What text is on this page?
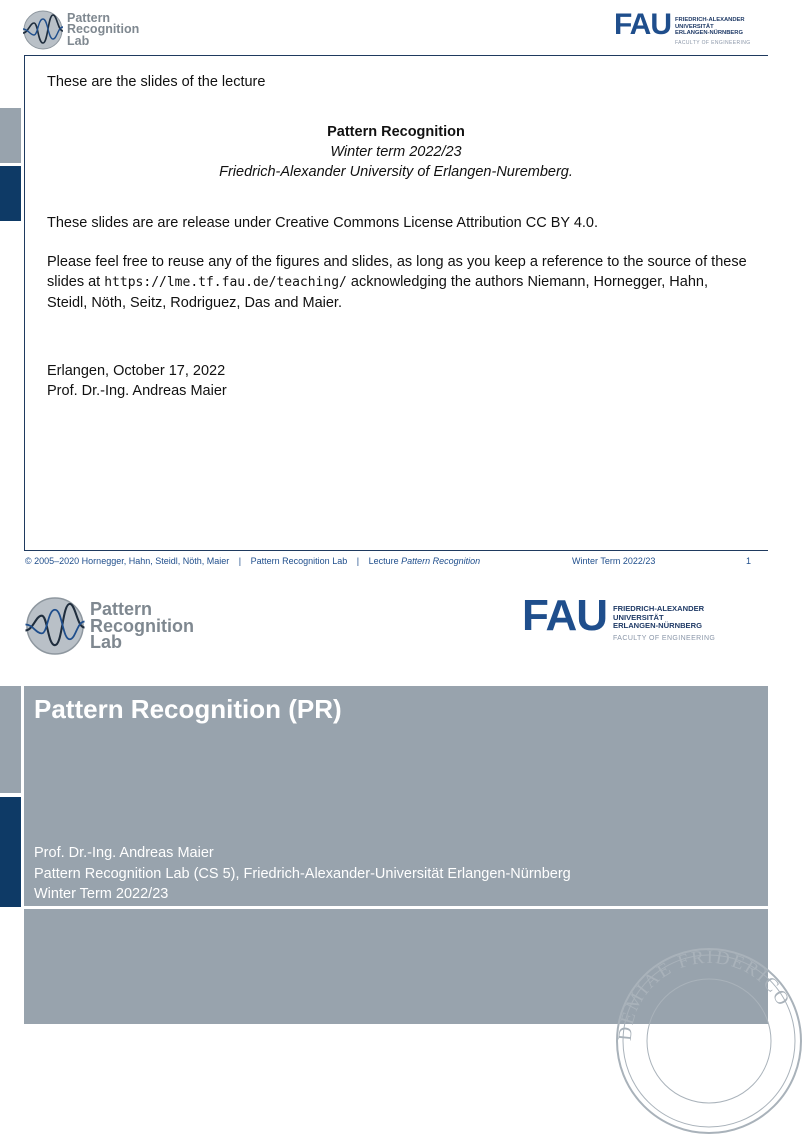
Pattern
Recognition
Lab	FAU FRIEDRICH-ALEXANDER
UNIVERSITÄT
ERLANGEN-NÜRNBERG
FACULTY OF ENGINEERING
These are the slides of the lecture
Pattern Recognition
Winter term 2022/23
Friedrich-Alexander University of Erlangen-Nuremberg.
These slides are are release under Creative Commons License Attribution CC BY 4.0.
Please feel free to reuse any of the figures and slides, as long as you keep a reference to the source of these slides at https://lme.tf.fau.de/teaching/ acknowledging the authors Niemann, Hornegger, Hahn, Steidl, Nöth, Seitz, Rodriguez, Das and Maier.
Erlangen, October 17, 2022
Prof. Dr.-Ing. Andreas Maier
© 2005–2020 Hornegger, Hahn, Steidl, Nöth, Maier | Pattern Recognition Lab | Lecture Pattern Recognition	Winter Term 2022/23	1
Pattern
Recognition
Lab
FAU FRIEDRICH-ALEXANDER
UNIVERSITÄT
ERLANGEN-NÜRNBERG
FACULTY OF ENGINEERING
Pattern Recognition (PR)
Prof. Dr.-Ing. Andreas Maier
Pattern Recognition Lab (CS 5), Friedrich-Alexander-Universität Erlangen-Nürnberg
Winter Term 2022/23
DEMIAE FRIDERICO
